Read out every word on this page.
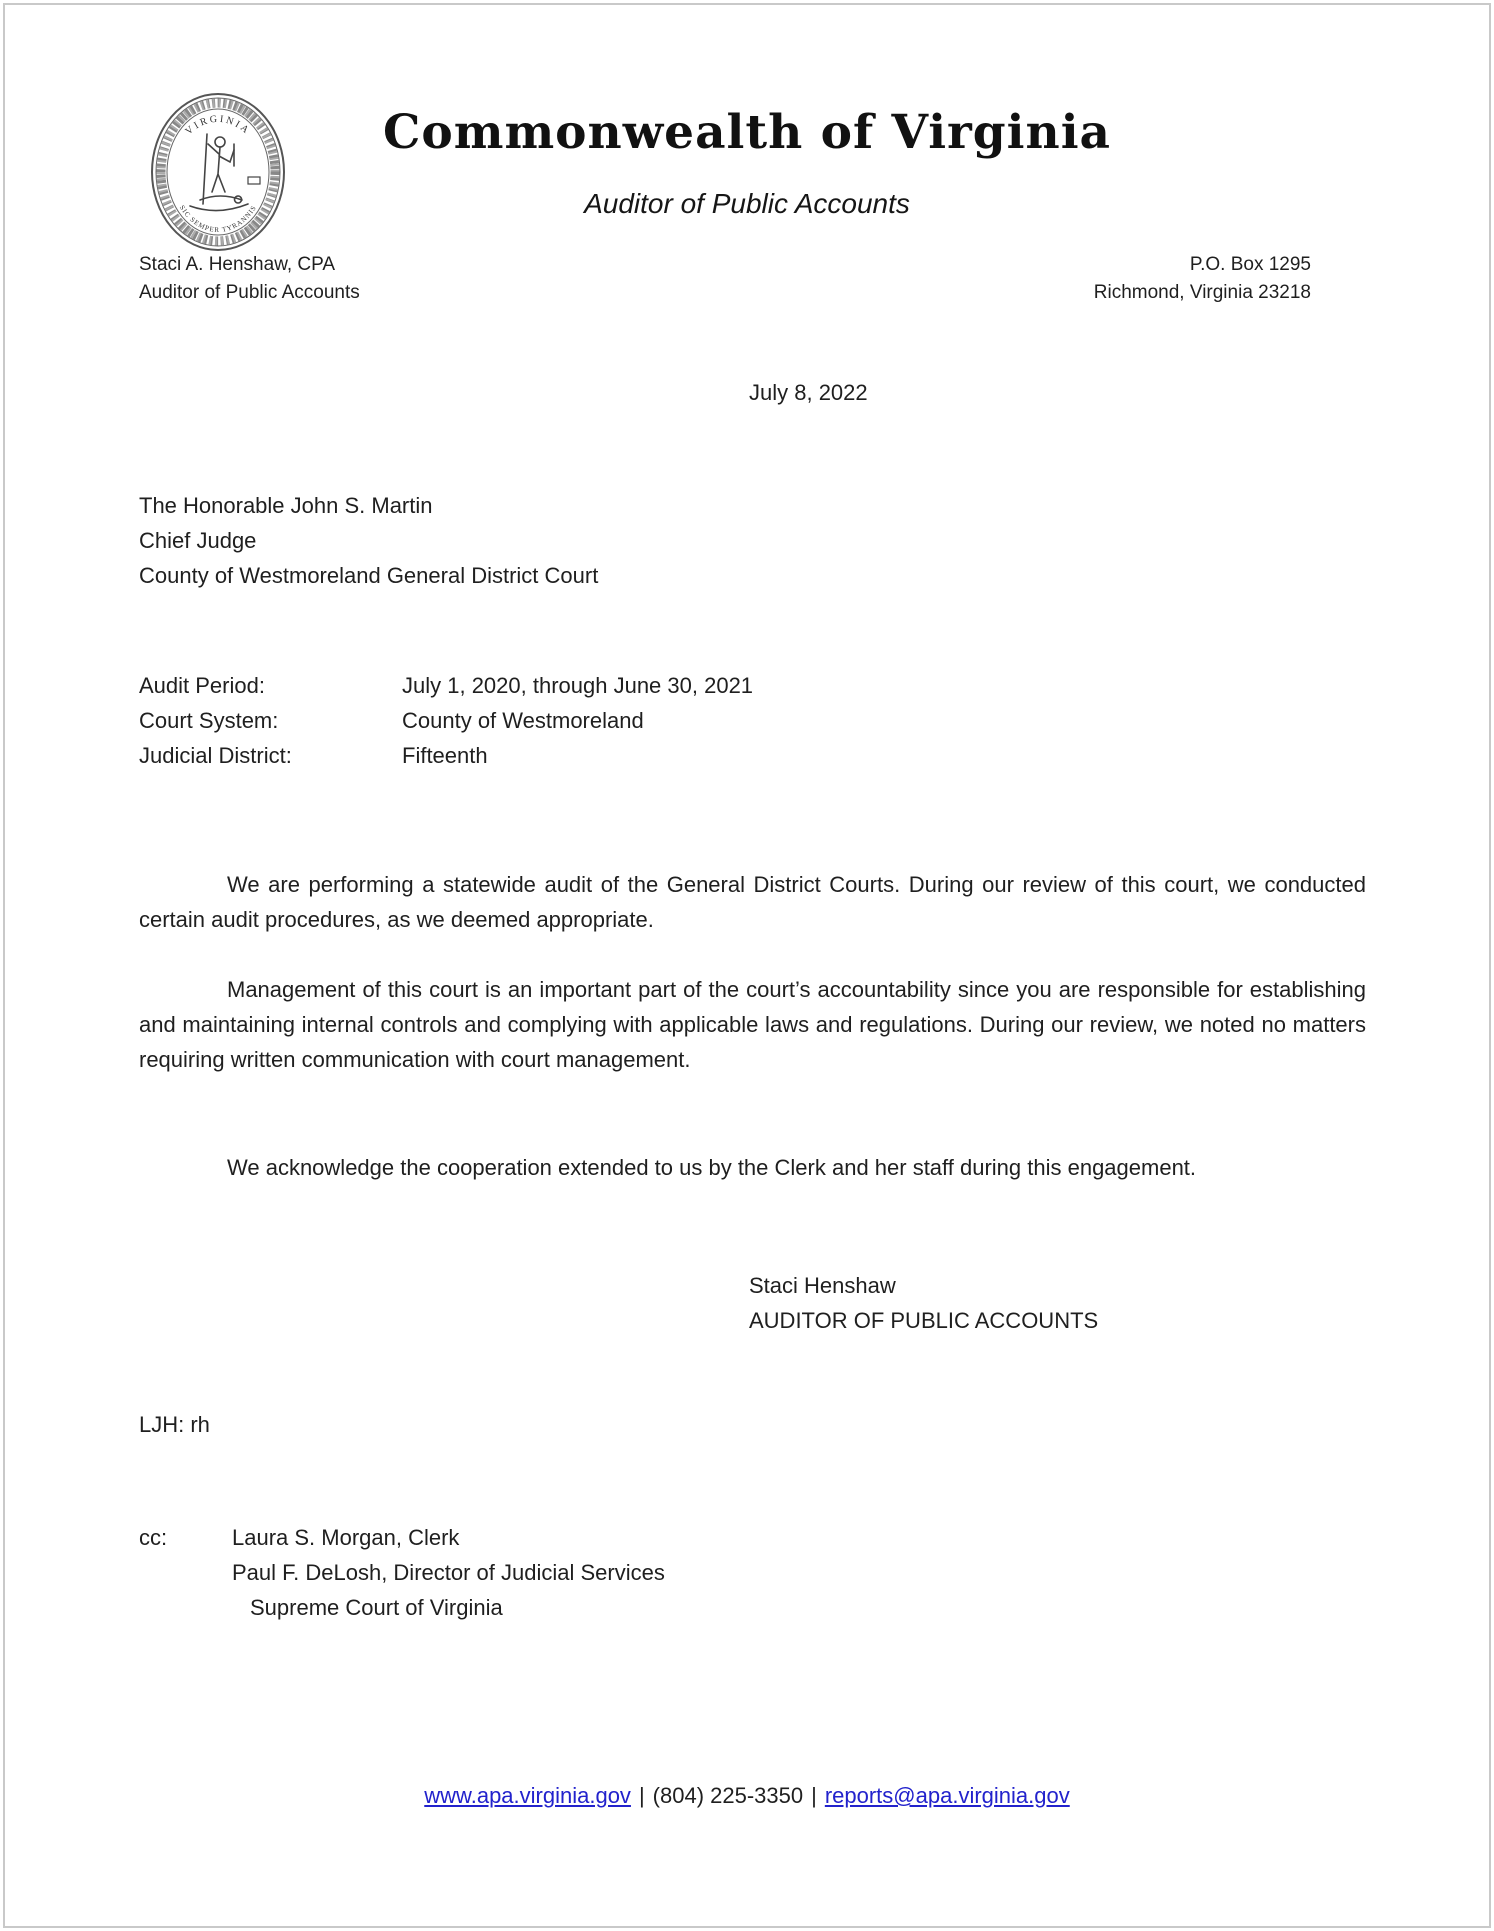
VIRGINIA
SIC SEMPER TYRANNIS
Commonwealth of Virginia
Auditor of Public Accounts
Staci A. Henshaw, CPA
Auditor of Public Accounts
P.O. Box 1295
Richmond, Virginia 23218
July 8, 2022
The Honorable John S. Martin
Chief Judge
County of Westmoreland General District Court
Audit Period:	July 1, 2020, through June 30, 2021
Court System:	County of Westmoreland
Judicial District:	Fifteenth

We are performing a statewide audit of the General District Courts. During our review of this court, we conducted certain audit procedures, as we deemed appropriate.

Management of this court is an important part of the court’s accountability since you are responsible for establishing and maintaining internal controls and complying with applicable laws and regulations. During our review, we noted no matters requiring written communication with court management.

We acknowledge the cooperation extended to us by the Clerk and her staff during this engagement.

Staci Henshaw
AUDITOR OF PUBLIC ACCOUNTS
LJH: rh
cc:	Laura S. Morgan, Clerk
Paul F. DeLosh, Director of Judicial Services
Supreme Court of Virginia
www.apa.virginia.gov | (804) 225-3350 | reports@apa.virginia.gov
